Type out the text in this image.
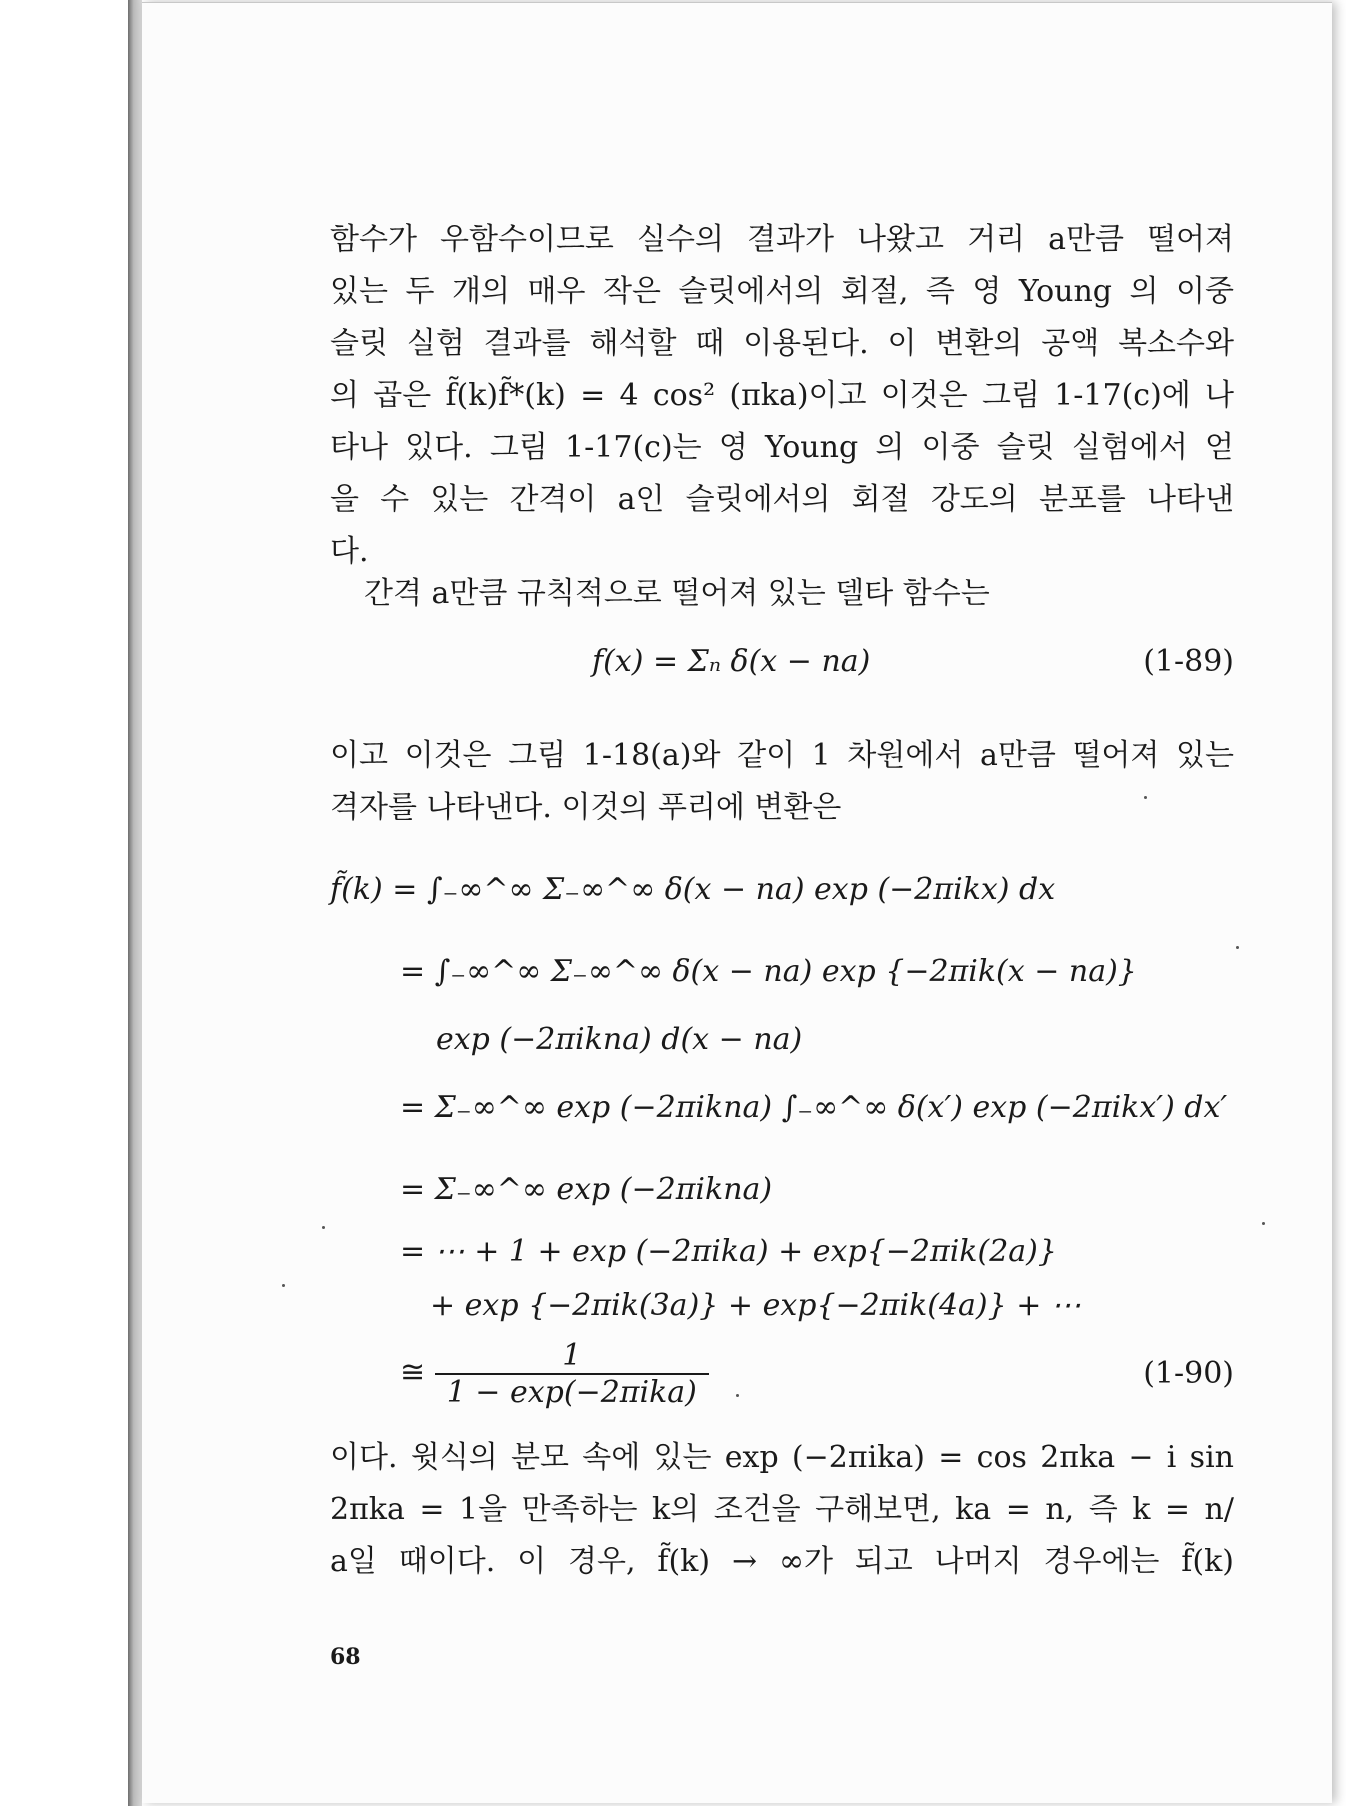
함수가 우함수이므로 실수의 결과가 나왔고 거리 a만큼 떨어져
있는 두 개의 매우 작은 슬릿에서의 회절, 즉 영 Young 의 이중
슬릿 실험 결과를 해석할 때 이용된다. 이 변환의 공액 복소수와
의 곱은 f̃(k)f̃*(k) = 4 cos² (πka)이고 이것은 그림 1-17(c)에 나
타나 있다. 그림 1-17(c)는 영 Young 의 이중 슬릿 실험에서 얻
을 수 있는 간격이 a인 슬릿에서의 회절 강도의 분포를 나타낸
다.
간격 a만큼 규칙적으로 떨어져 있는 델타 함수는
f(x) = Σₙ δ(x − na)	(1-89)
이고 이것은 그림 1-18(a)와 같이 1 차원에서 a만큼 떨어져 있는
격자를 나타낸다. 이것의 푸리에 변환은
f̃(k) = ∫₋∞^∞ Σ₋∞^∞ δ(x − na) exp (−2πikx) dx
= ∫₋∞^∞ Σ₋∞^∞ δ(x − na) exp {−2πik(x − na)}
exp (−2πikna) d(x − na)
= Σ₋∞^∞ exp (−2πikna) ∫₋∞^∞ δ(x′) exp (−2πikx′) dx′
= Σ₋∞^∞ exp (−2πikna)
= ⋯ + 1 + exp (−2πika) + exp{−2πik(2a)}
+ exp {−2πik(3a)} + exp{−2πik(4a)} + ⋯
≅ $\frac{1}{\text{1 − exp(−2πika)}}$	(1-90)
이다. 윗식의 분모 속에 있는 exp (−2πika) = cos 2πka − i sin
2πka = 1을 만족하는 k의 조건을 구해보면, ka = n, 즉 k = n/
a일 때이다. 이 경우, f̃(k) → ∞가 되고 나머지 경우에는 f̃(k)
68
